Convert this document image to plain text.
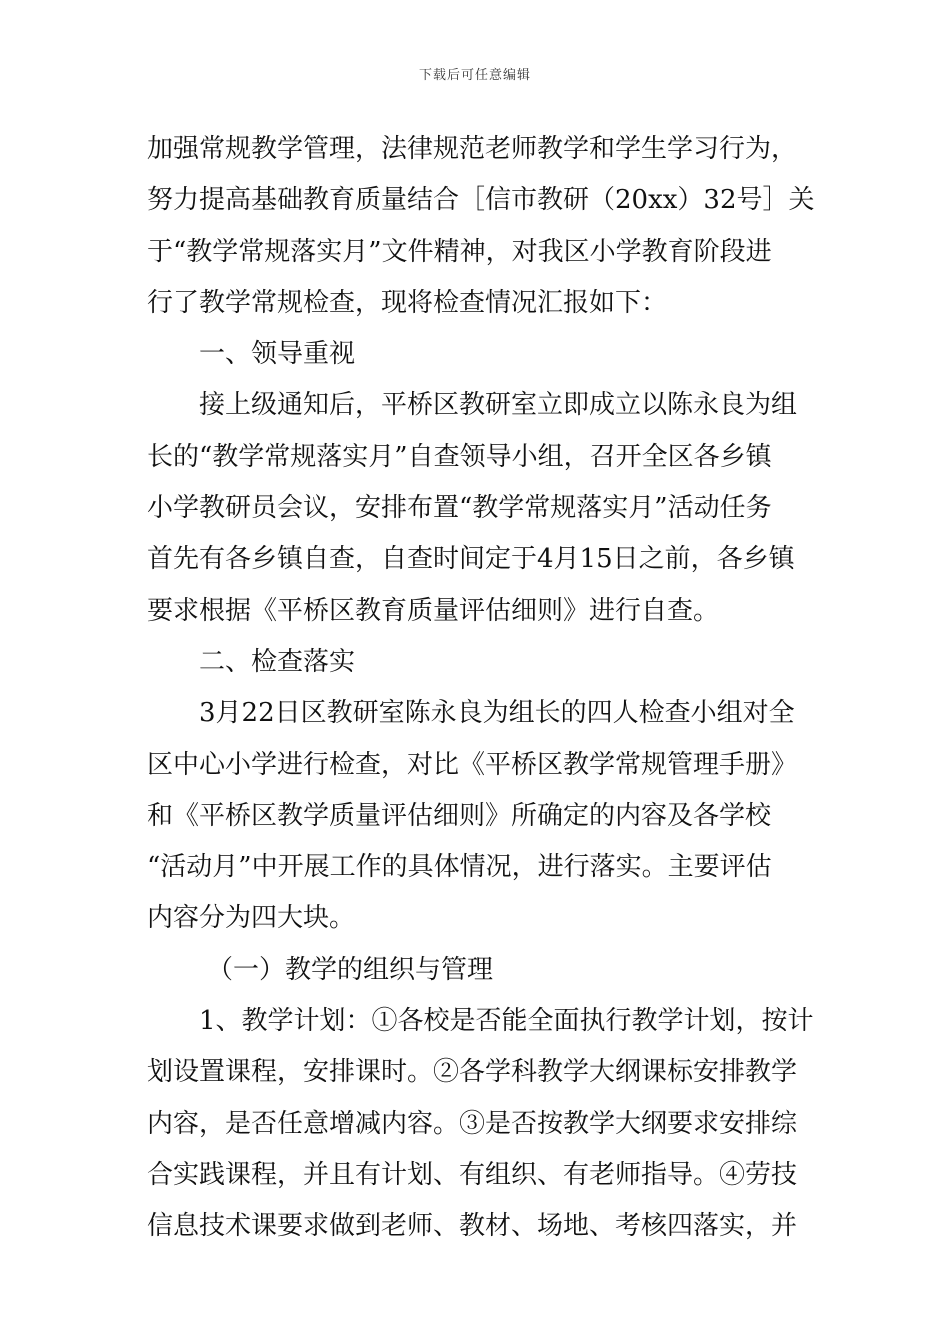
下载后可任意编辑
加强常规教学管理，法律规范老师教学和学生学习行为，
努力提高基础教育质量结合［信市教研（20xx）32号］关
于“教学常规落实月”文件精神，对我区小学教育阶段进
行了教学常规检查，现将检查情况汇报如下：
一、领导重视
接上级通知后，平桥区教研室立即成立以陈永良为组
长的“教学常规落实月”自查领导小组，召开全区各乡镇
小学教研员会议，安排布置“教学常规落实月”活动任务
首先有各乡镇自查，自查时间定于4月15日之前，各乡镇
要求根据《平桥区教育质量评估细则》进行自查。
二、检查落实
3月22日区教研室陈永良为组长的四人检查小组对全
区中心小学进行检查，对比《平桥区教学常规管理手册》
和《平桥区教学质量评估细则》所确定的内容及各学校
“活动月”中开展工作的具体情况，进行落实。主要评估
内容分为四大块。
（一）教学的组织与管理
1、教学计划：①各校是否能全面执行教学计划，按计
划设置课程，安排课时。②各学科教学大纲课标安排教学
内容，是否任意增减内容。③是否按教学大纲要求安排综
合实践课程，并且有计划、有组织、有老师指导。④劳技
信息技术课要求做到老师、教材、场地、考核四落实，并
